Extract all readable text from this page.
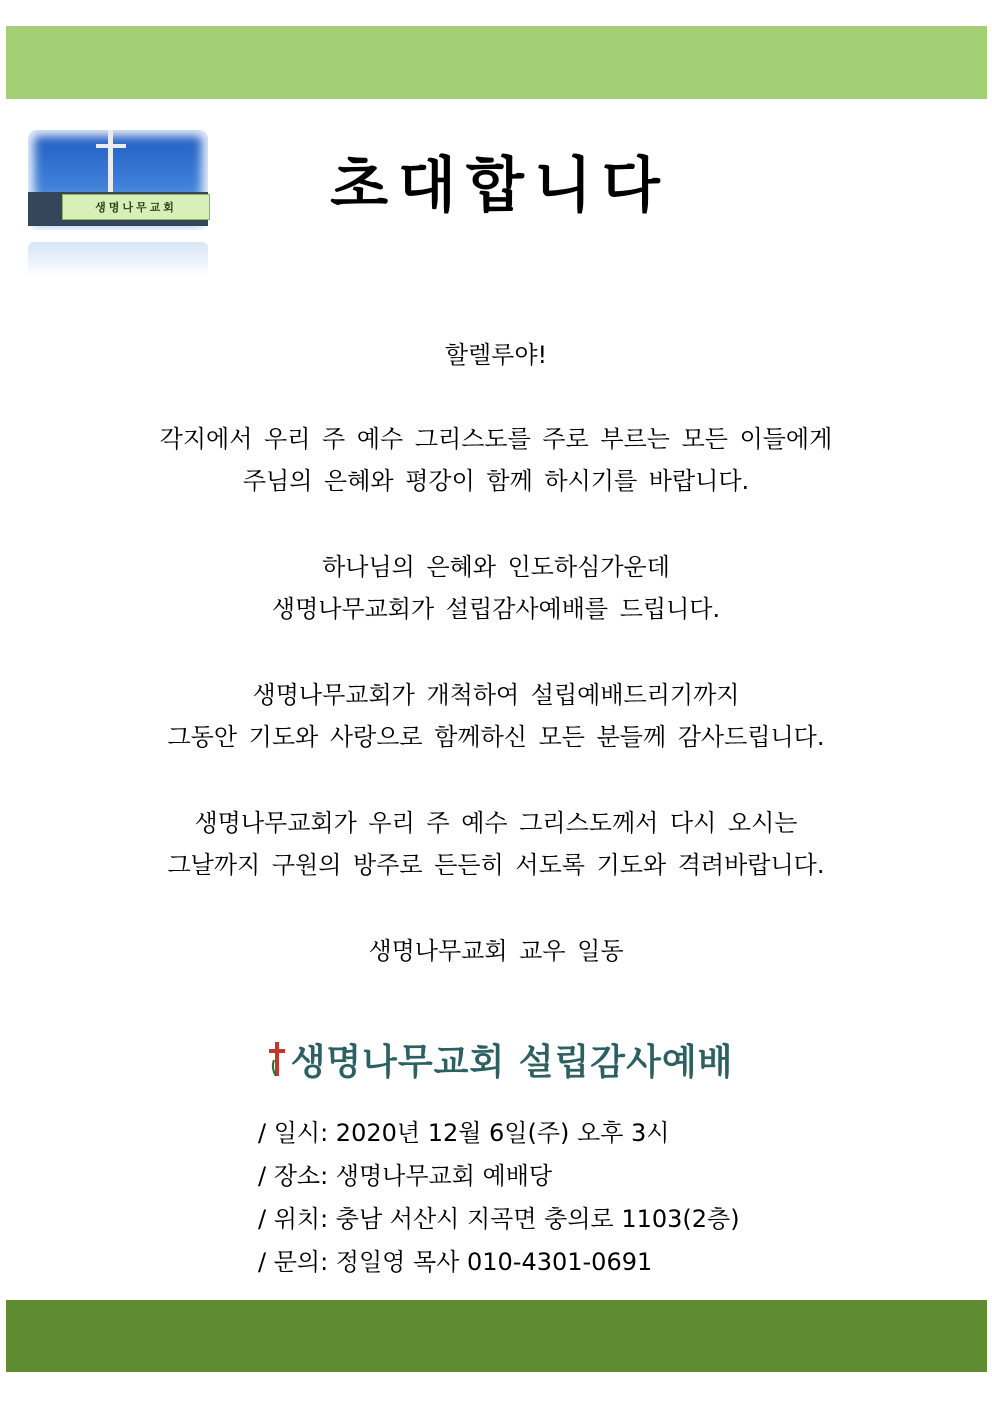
생명나무교회	초대합니다
할렐루야!
각지에서 우리 주 예수 그리스도를 주로 부르는 모든 이들에게
주님의 은혜와 평강이 함께 하시기를 바랍니다.
하나님의 은혜와 인도하심가운데
생명나무교회가 설립감사예배를 드립니다.
생명나무교회가 개척하여 설립예배드리기까지
그동안 기도와 사랑으로 함께하신 모든 분들께 감사드립니다.
생명나무교회가 우리 주 예수 그리스도께서 다시 오시는
그날까지 구원의 방주로 든든히 서도록 기도와 격려바랍니다.
생명나무교회 교우 일동
생명나무교회 설립감사예배
/ 일시: 2020년 12월 6일(주) 오후 3시
/ 장소: 생명나무교회 예배당
/ 위치: 충남 서산시 지곡면 충의로 1103(2층)
/ 문의: 정일영 목사 010-4301-0691
